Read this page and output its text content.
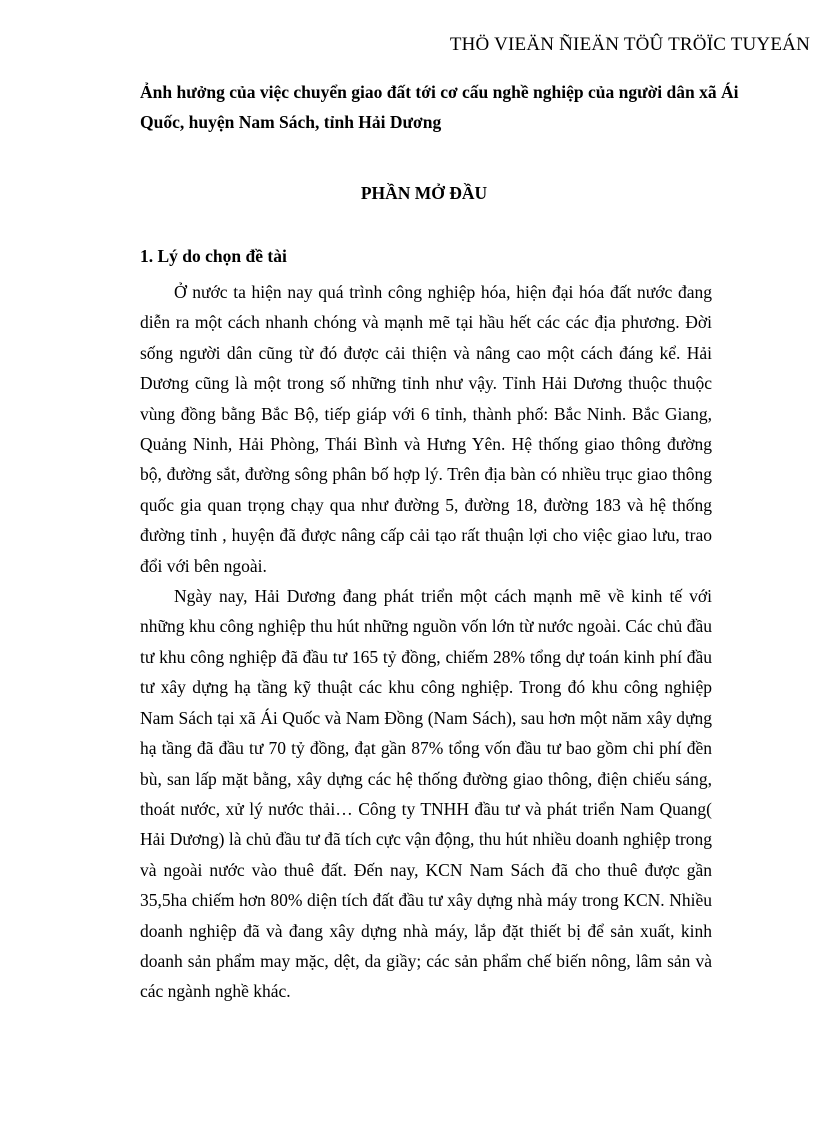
THÖ VIEÄN ÑIEÄN TÖÛ TRÖÏC TUYEÁN
Ảnh hưởng của việc chuyển giao đất tới cơ cấu nghề nghiệp của người dân xã Ái Quốc, huyện Nam Sách, tỉnh Hải Dương
PHẦN MỞ ĐẦU
1. Lý do chọn đề tài

Ở nước ta hiện nay quá trình công nghiệp hóa, hiện đại hóa đất nước đang diễn ra một cách nhanh chóng và mạnh mẽ tại hầu hết các các địa phương. Đời sống người dân cũng từ đó được cải thiện và nâng cao một cách đáng kể. Hải Dương cũng là một trong số những tỉnh như vậy. Tỉnh Hải Dương thuộc thuộc vùng đồng bằng Bắc Bộ, tiếp giáp với 6 tỉnh, thành phố: Bắc Ninh. Bắc Giang, Quảng Ninh, Hải Phòng, Thái Bình và Hưng Yên. Hệ thống giao thông đường bộ, đường sắt, đường sông phân bố hợp lý. Trên địa bàn có nhiều trục giao thông quốc gia quan trọng chạy qua như đường 5, đường 18, đường 183 và hệ thống đường tỉnh , huyện đã được nâng cấp cải tạo rất thuận lợi cho việc giao lưu, trao đổi với bên ngoài.

Ngày nay, Hải Dương đang phát triển một cách mạnh mẽ về kinh tế với những khu công nghiệp thu hút những nguồn vốn lớn từ nước ngoài. Các chủ đầu tư khu công nghiệp đã đầu tư 165 tỷ đồng, chiếm 28% tổng dự toán kinh phí đầu tư xây dựng hạ tầng kỹ thuật các khu công nghiệp. Trong đó khu công nghiệp Nam Sách tại xã Ái Quốc và Nam Đồng (Nam Sách), sau hơn một năm xây dựng hạ tầng đã đầu tư 70 tỷ đồng, đạt gần 87% tổng vốn đầu tư bao gồm chi phí đền bù, san lấp mặt bằng, xây dựng các hệ thống đường giao thông, điện chiếu sáng, thoát nước, xử lý nước thải… Công ty TNHH đầu tư và phát triển Nam Quang( Hải Dương) là chủ đầu tư đã tích cực vận động, thu hút nhiều doanh nghiệp trong và ngoài nước vào thuê đất. Đến nay, KCN Nam Sách đã cho thuê được gần 35,5ha chiếm hơn 80% diện tích đất đầu tư xây dựng nhà máy trong KCN. Nhiều doanh nghiệp đã và đang xây dựng nhà máy, lắp đặt thiết bị để sản xuất, kinh doanh sản phẩm may mặc, dệt, da giầy; các sản phẩm chế biến nông, lâm sản và các ngành nghề khác.
